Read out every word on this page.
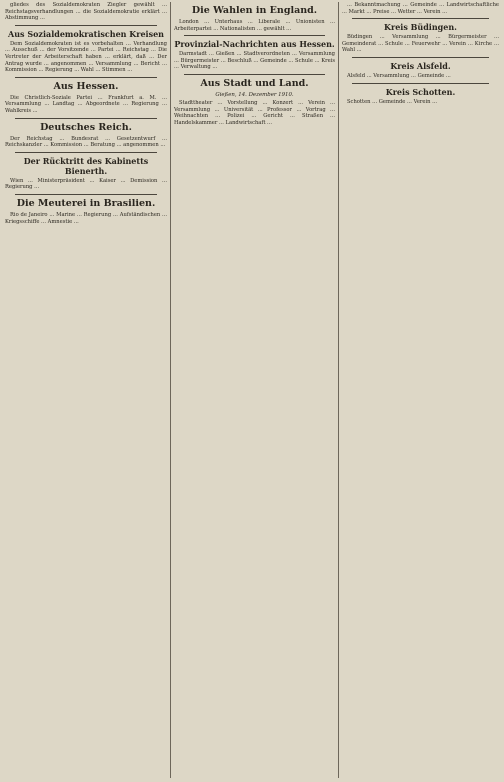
gliedes des Sozialdemokraten Ziegler gewählt ... Reichstagsverhandlungen ... die Sozialdemokratie erklärt ... Abstimmung ...

Aus Sozialdemokratischen Kreisen

Dem Sozialdemokraten ist es vorbehalten ... Verhandlung ... Ausschuß ... der Vorsitzende ... Partei ... Reichstag ... Die Vertreter der Arbeiterschaft haben ... erklärt, daß ... Der Antrag wurde ... angenommen ... Versammlung ... Bericht ... Kommission ... Regierung ... Wahl ... Stimmen ...

Aus Hessen.

Die Christlich-Soziale Partei ... Frankfurt a. M. ... Versammlung ... Landtag ... Abgeordnete ... Regierung ... Wahlkreis ...

Deutsches Reich.

Der Reichstag ... Bundesrat ... Gesetzentwurf ... Reichskanzler ... Kommission ... Beratung ... angenommen ...

Der Rücktritt des Kabinetts Bienerth.

Wien ... Ministerpräsident ... Kaiser ... Demission ... Regierung ...

Die Meuterei in Brasilien.

Rio de Janeiro ... Marine ... Regierung ... Aufständischen ... Kriegsschiffe ... Amnestie ...

Die Wahlen in England.

London ... Unterhaus ... Liberale ... Unionisten ... Arbeiterpartei ... Nationalisten ... gewählt ...

Provinzial-Nachrichten aus Hessen.

Darmstadt ... Gießen ... Stadtverordneten ... Versammlung ... Bürgermeister ... Beschluß ... Gemeinde ... Schule ... Kreis ... Verwaltung ...

Aus Stadt und Land.
Gießen, 14. Dezember 1910.

Stadttheater ... Vorstellung ... Konzert ... Verein ... Versammlung ... Universität ... Professor ... Vortrag ... Weihnachten ... Polizei ... Gericht ... Straßen ... Handelskammer ... Landwirtschaft ...

... Bekanntmachung ... Gemeinde ... Landwirtschaftliche ... Markt ... Preise ... Wetter ... Verein ...

Kreis Büdingen.

Büdingen ... Versammlung ... Bürgermeister ... Gemeinderat ... Schule ... Feuerwehr ... Verein ... Kirche ... Wahl ...

Kreis Alsfeld.

Alsfeld ... Versammlung ... Gemeinde ...

Kreis Schotten.

Schotten ... Gemeinde ... Verein ...
